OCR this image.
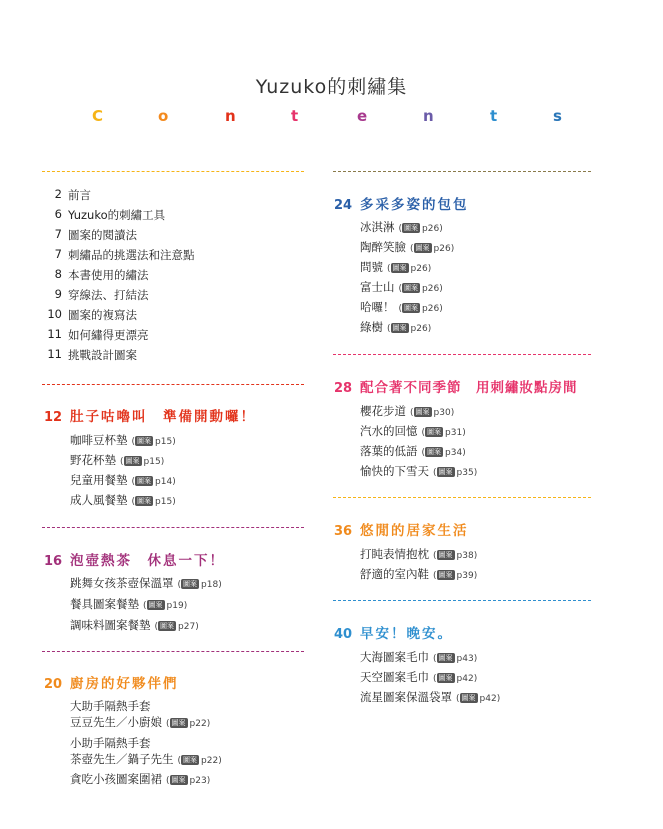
Yuzuko的刺繡集
C	o	n	t	e	n	t	s
2 前言
6 Yuzuko的刺繡工具
7 圖案的閱讀法
7 刺繡品的挑選法和注意點
8 本書使用的繡法
9 穿線法、打結法
10 圖案的複寫法
11 如何繡得更漂亮
11 挑戰設計圖案
12 肚子咕嚕叫　準備開動囉！
咖啡豆杯墊 ( 圖案 p15)
野花杯墊 ( 圖案 p15)
兒童用餐墊 ( 圖案 p14)
成人風餐墊 ( 圖案 p15)
16 泡壺熱茶　休息一下！
跳舞女孩茶壺保溫罩 ( 圖案 p18)
餐具圖案餐墊 ( 圖案 p19)
調味料圖案餐墊 ( 圖案 p27)
20 廚房的好夥伴們
大助手隔熱手套
豆豆先生／小廚娘 ( 圖案 p22)
小助手隔熱手套
茶壺先生／鍋子先生 ( 圖案 p22)
貪吃小孩圖案圍裙 ( 圖案 p23)
24 多采多姿的包包
冰淇淋 ( 圖案 p26)
陶醉笑臉 ( 圖案 p26)
問號 ( 圖案 p26)
富士山 ( 圖案 p26)
哈囉！ ( 圖案 p26)
綠樹 ( 圖案 p26)
28 配合著不同季節　用刺繡妝點房間
櫻花步道 ( 圖案 p30)
汽水的回憶 ( 圖案 p31)
落葉的低語 ( 圖案 p34)
愉快的下雪天 ( 圖案 p35)
36 悠閒的居家生活
打盹表情抱枕 ( 圖案 p38)
舒適的室內鞋 ( 圖案 p39)
40 早安！晚安。
大海圖案毛巾 ( 圖案 p43)
天空圖案毛巾 ( 圖案 p42)
流星圖案保溫袋罩 ( 圖案 p42)
